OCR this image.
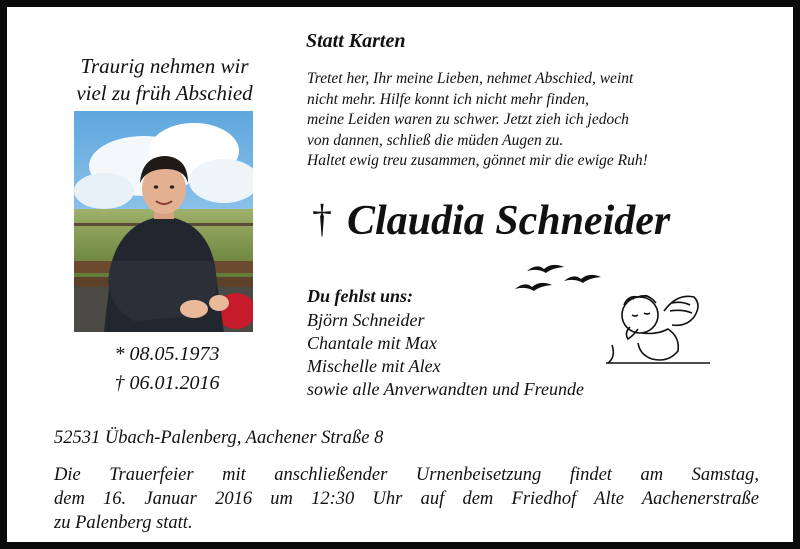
Traurig nehmen wir
viel zu früh Abschied
* 08.05.1973
† 06.01.2016
Statt Karten
Tretet her, Ihr meine Lieben, nehmet Abschied, weint
nicht mehr. Hilfe konnt ich nicht mehr finden,
meine Leiden waren zu schwer. Jetzt zieh ich jedoch
von dannen, schließ die müden Augen zu.
Haltet ewig treu zusammen, gönnet mir die ewige Ruh!
† Claudia Schneider
Du fehlst uns:
Björn Schneider
Chantale mit Max
Mischelle mit Alex
sowie alle Anverwandten und Freunde
52531 Übach-Palenberg, Aachener Straße 8
Die Trauerfeier mit anschließender Urnenbeisetzung findet am Samstag,
dem 16. Januar 2016 um 12:30 Uhr auf dem Friedhof Alte Aachenerstraße
zu Palenberg statt.
